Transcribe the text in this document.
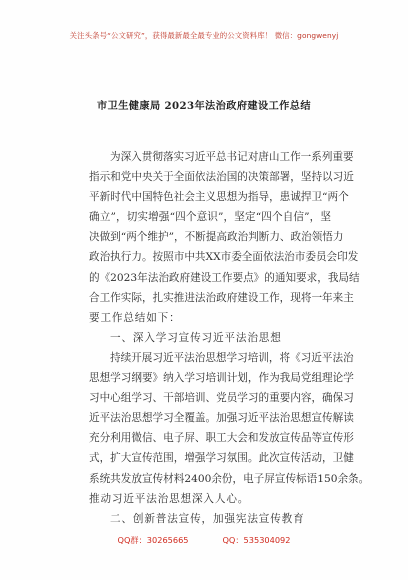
关注头条号“公文研究”，获得最新最全最专业的公文资料库！ 微信：gongwenyj
市卫生健康局 2023年法治政府建设工作总结
为深入贯彻落实习近平总书记对唐山工作一系列重要
指示和党中央关于全面依法治国的决策部署，坚持以习近
平新时代中国特色社会主义思想为指导，患诚捍卫“两个
确立”，切实增强“四个意识”，坚定“四个自信”，坚
决做到“两个维护”，不断提高政治判断力、政治领悟力
政治执行力。按照市中共XX市委全面依法治市委员会印发
的《2023年法治政府建设工作要点》的通知要求，我局结
合工作实际，扎实推进法治政府建设工作，现将一年来主
要工作总结如下：
一、深入学习宣传习近平法治思想
持续开展习近平法治思想学习培训，将《习近平法治
思想学习纲要》纳入学习培训计划，作为我局党组理论学
习中心组学习、干部培训、党员学习的重要内容，确保习
近平法治思想学习全覆盖。加强习近平法治思想宣传解读
充分利用微信、电子屏、职工大会和发放宣传品等宣传形
式，扩大宣传范围，增强学习氛围。此次宣传活动，卫健
系统共发放宣传材料2400余份，电子屏宣传标语150余条。
推动习近平法治思想深入人心。
二、创新普法宣传，加强宪法宣传教育
QQ群：30265665	QQ：535304092
